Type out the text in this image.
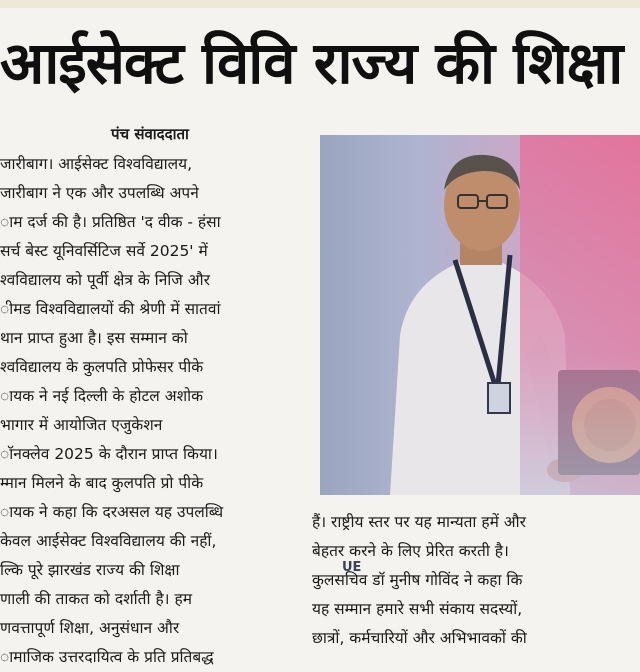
आईसेक्ट विवि राज्य की शिक्षा
पंच संवाददाता
जारीबाग। आईसेक्ट विश्वविद्यालय,
जारीबाग ने एक और उपलब्धि अपने
ाम दर्ज की है। प्रतिष्ठित 'द वीक - हंसा
सर्च बेस्ट यूनिवर्सिटिज सर्वे 2025' में
श्वविद्यालय को पूर्वी क्षेत्र के निजि और
ीमड विश्वविद्यालयों की श्रेणी में सातवां
थान प्राप्त हुआ है। इस सम्मान को
श्वविद्यालय के कुलपति प्रोफेसर पीके
ायक ने नई दिल्ली के होटल अशोक
भागार में आयोजित एजुकेशन
ॉनक्लेव 2025 के दौरान प्राप्त किया।
म्मान मिलने के बाद कुलपति प्रो पीके
ायक ने कहा कि दरअसल यह उपलब्धि
केवल आईसेक्ट विश्वविद्यालय की नहीं,
ल्कि पूरे झारखंड राज्य की शिक्षा
णाली की ताकत को दर्शाती है। हम
णवत्तापूर्ण शिक्षा, अनुसंधान और
ामाजिक उत्तरदायित्व के प्रति प्रतिबद्ध
UE
हैं। राष्ट्रीय स्तर पर यह मान्यता हमें और
बेहतर करने के लिए प्रेरित करती है।
कुलसचिव डॉ मुनीष गोविंद ने कहा कि
यह सम्मान हमारे सभी संकाय सदस्यों,
छात्रों, कर्मचारियों और अभिभावकों की
